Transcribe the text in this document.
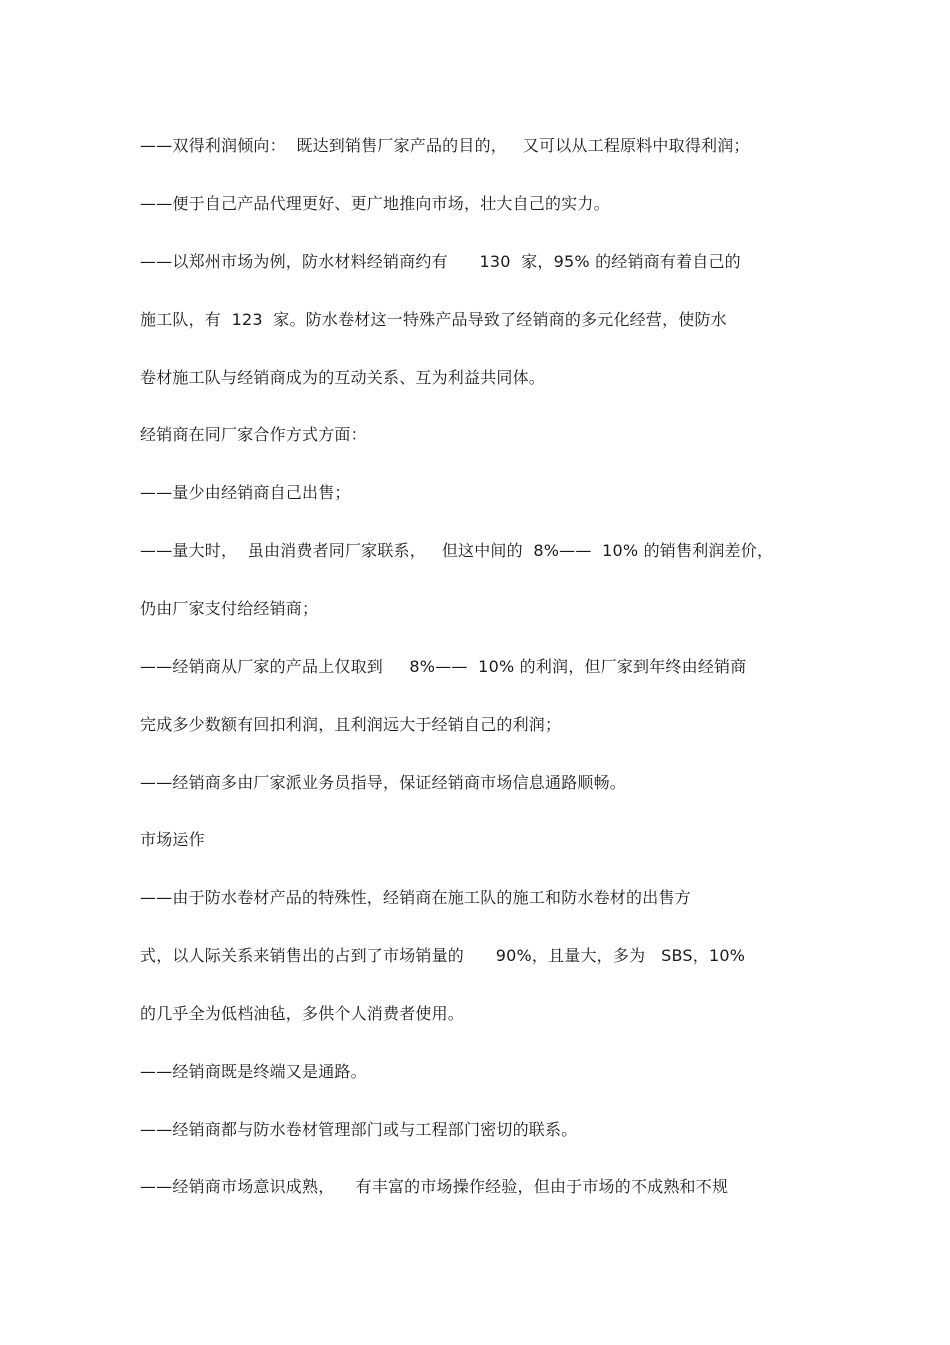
——双得利润倾向：  既达到销售厂家产品的目的，   又可以从工程原料中取得利润；
——便于自己产品代理更好、更广地推向市场，壮大自己的实力。
——以郑州市场为例，防水材料经销商约有      130  家，95% 的经销商有着自己的
施工队，有  123  家。防水卷材这一特殊产品导致了经销商的多元化经营，使防水
卷材施工队与经销商成为的互动关系、互为利益共同体。
经销商在同厂家合作方式方面：
——量少由经销商自己出售；
——量大时，  虽由消费者同厂家联系，   但这中间的  8%——  10% 的销售利润差价，
仍由厂家支付给经销商；
——经销商从厂家的产品上仅取到     8%——  10% 的利润，但厂家到年终由经销商
完成多少数额有回扣利润，且利润远大于经销自己的利润；
——经销商多由厂家派业务员指导，保证经销商市场信息通路顺畅。
市场运作
——由于防水卷材产品的特殊性，经销商在施工队的施工和防水卷材的出售方
式，以人际关系来销售出的占到了市场销量的      90%，且量大，多为   SBS，10%
的几乎全为低档油毡，多供个人消费者使用。
——经销商既是终端又是通路。
——经销商都与防水卷材管理部门或与工程部门密切的联系。
——经销商市场意识成熟，    有丰富的市场操作经验，但由于市场的不成熟和不规
